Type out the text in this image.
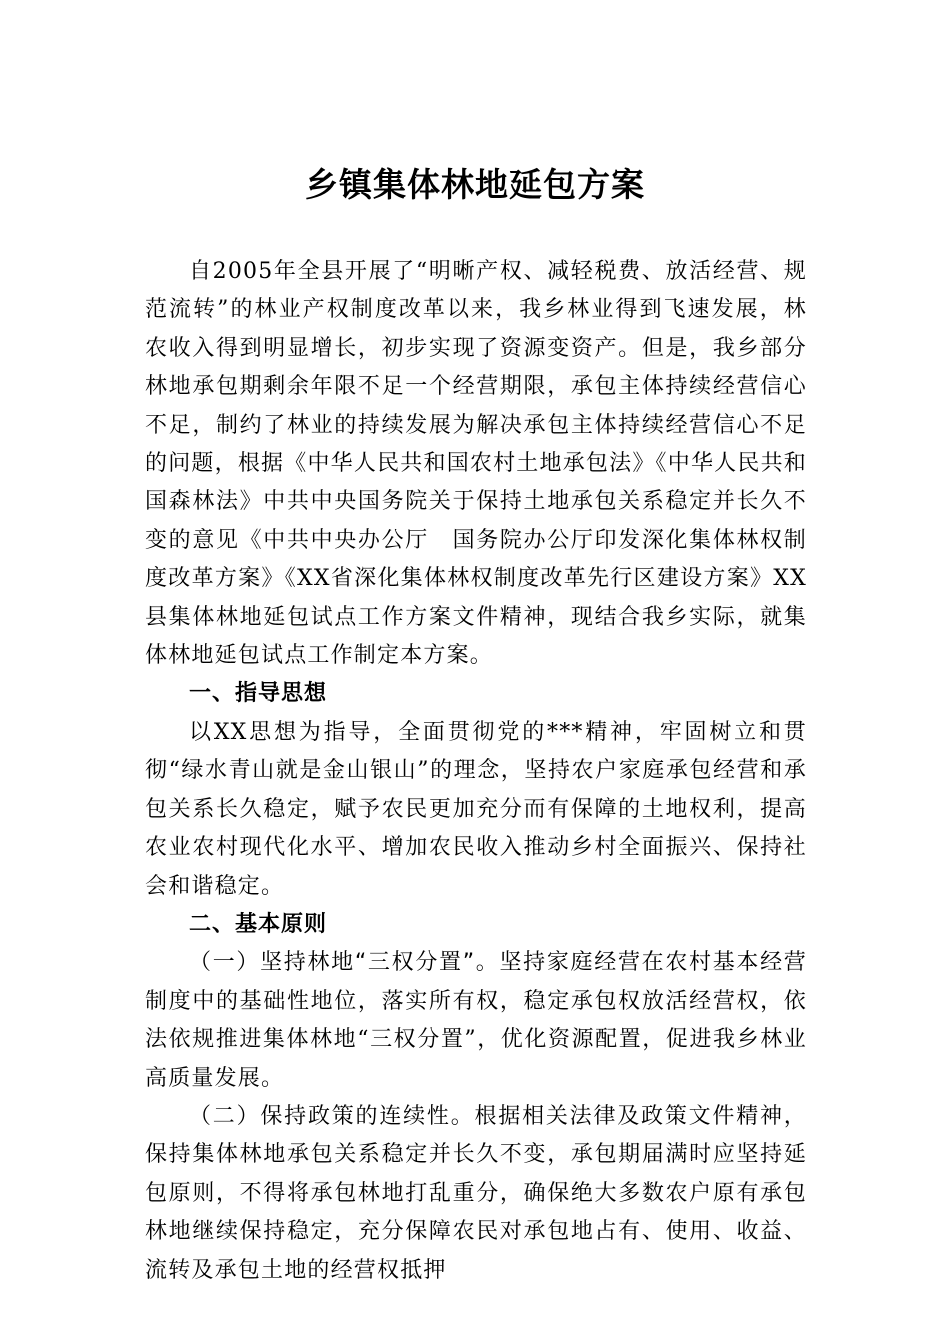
乡镇集体林地延包方案

自2005年全县开展了“明晰产权、减轻税费、放活经营、规范流转”的林业产权制度改革以来，我乡林业得到飞速发展，林农收入得到明显增长，初步实现了资源变资产。但是，我乡部分林地承包期剩余年限不足一个经营期限，承包主体持续经营信心不足，制约了林业的持续发展为解决承包主体持续经营信心不足的问题，根据《中华人民共和国农村土地承包法》《中华人民共和国森林法》中共中央国务院关于保持土地承包关系稳定并长久不变的意见《中共中央办公厅　国务院办公厅印发深化集体林权制度改革方案》《XX省深化集体林权制度改革先行区建设方案》XX县集体林地延包试点工作方案文件精神，现结合我乡实际，就集体林地延包试点工作制定本方案。

一、指导思想

以XX思想为指导，全面贯彻党的***精神，牢固树立和贯彻“绿水青山就是金山银山”的理念，坚持农户家庭承包经营和承包关系长久稳定，赋予农民更加充分而有保障的土地权利，提高农业农村现代化水平、增加农民收入推动乡村全面振兴、保持社会和谐稳定。

二、基本原则

（一）坚持林地“三权分置”。坚持家庭经营在农村基本经营制度中的基础性地位，落实所有权，稳定承包权放活经营权，依法依规推进集体林地“三权分置”，优化资源配置，促进我乡林业高质量发展。

（二）保持政策的连续性。根据相关法律及政策文件精神，保持集体林地承包关系稳定并长久不变，承包期届满时应坚持延包原则，不得将承包林地打乱重分，确保绝大多数农户原有承包林地继续保持稳定，充分保障农民对承包地占有、使用、收益、流转及承包土地的经营权抵押
